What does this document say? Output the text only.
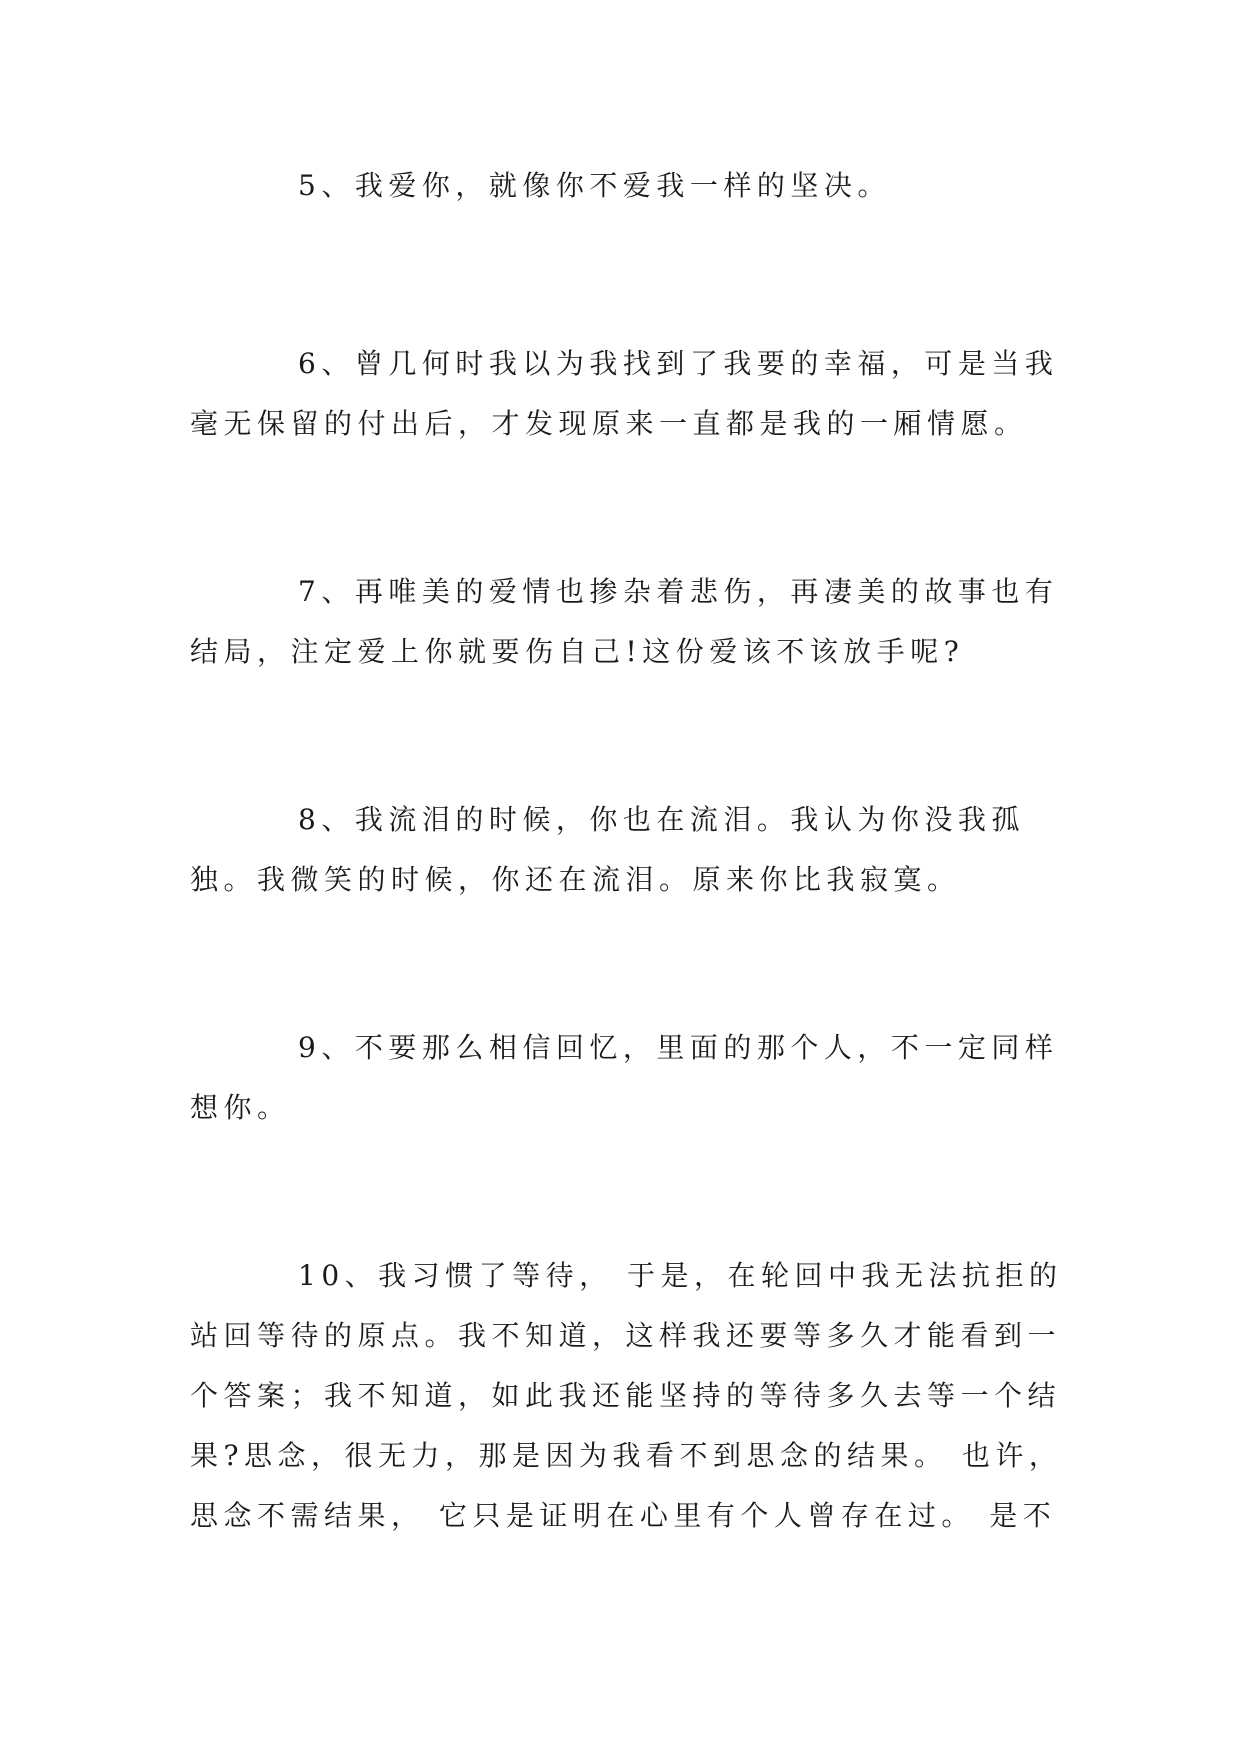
5、我爱你，就像你不爱我一样的坚决。

6、曾几何时我以为我找到了我要的幸福，可是当我毫无保留的付出后，才发现原来一直都是我的一厢情愿。

7、再唯美的爱情也掺杂着悲伤，再凄美的故事也有结局，注定爱上你就要伤自己!这份爱该不该放手呢?

8、我流泪的时候，你也在流泪。我认为你没我孤独。我微笑的时候，你还在流泪。原来你比我寂寞。

9、不要那么相信回忆，里面的那个人，不一定同样想你。

10、我习惯了等待， 于是，在轮回中我无法抗拒的站回等待的原点。我不知道，这样我还要等多久才能看到一个答案；我不知道，如此我还能坚持的等待多久去等一个结果?思念，很无力，那是因为我看不到思念的结果。 也许，思念不需结果， 它只是证明在心里有个人曾存在过。 是不
